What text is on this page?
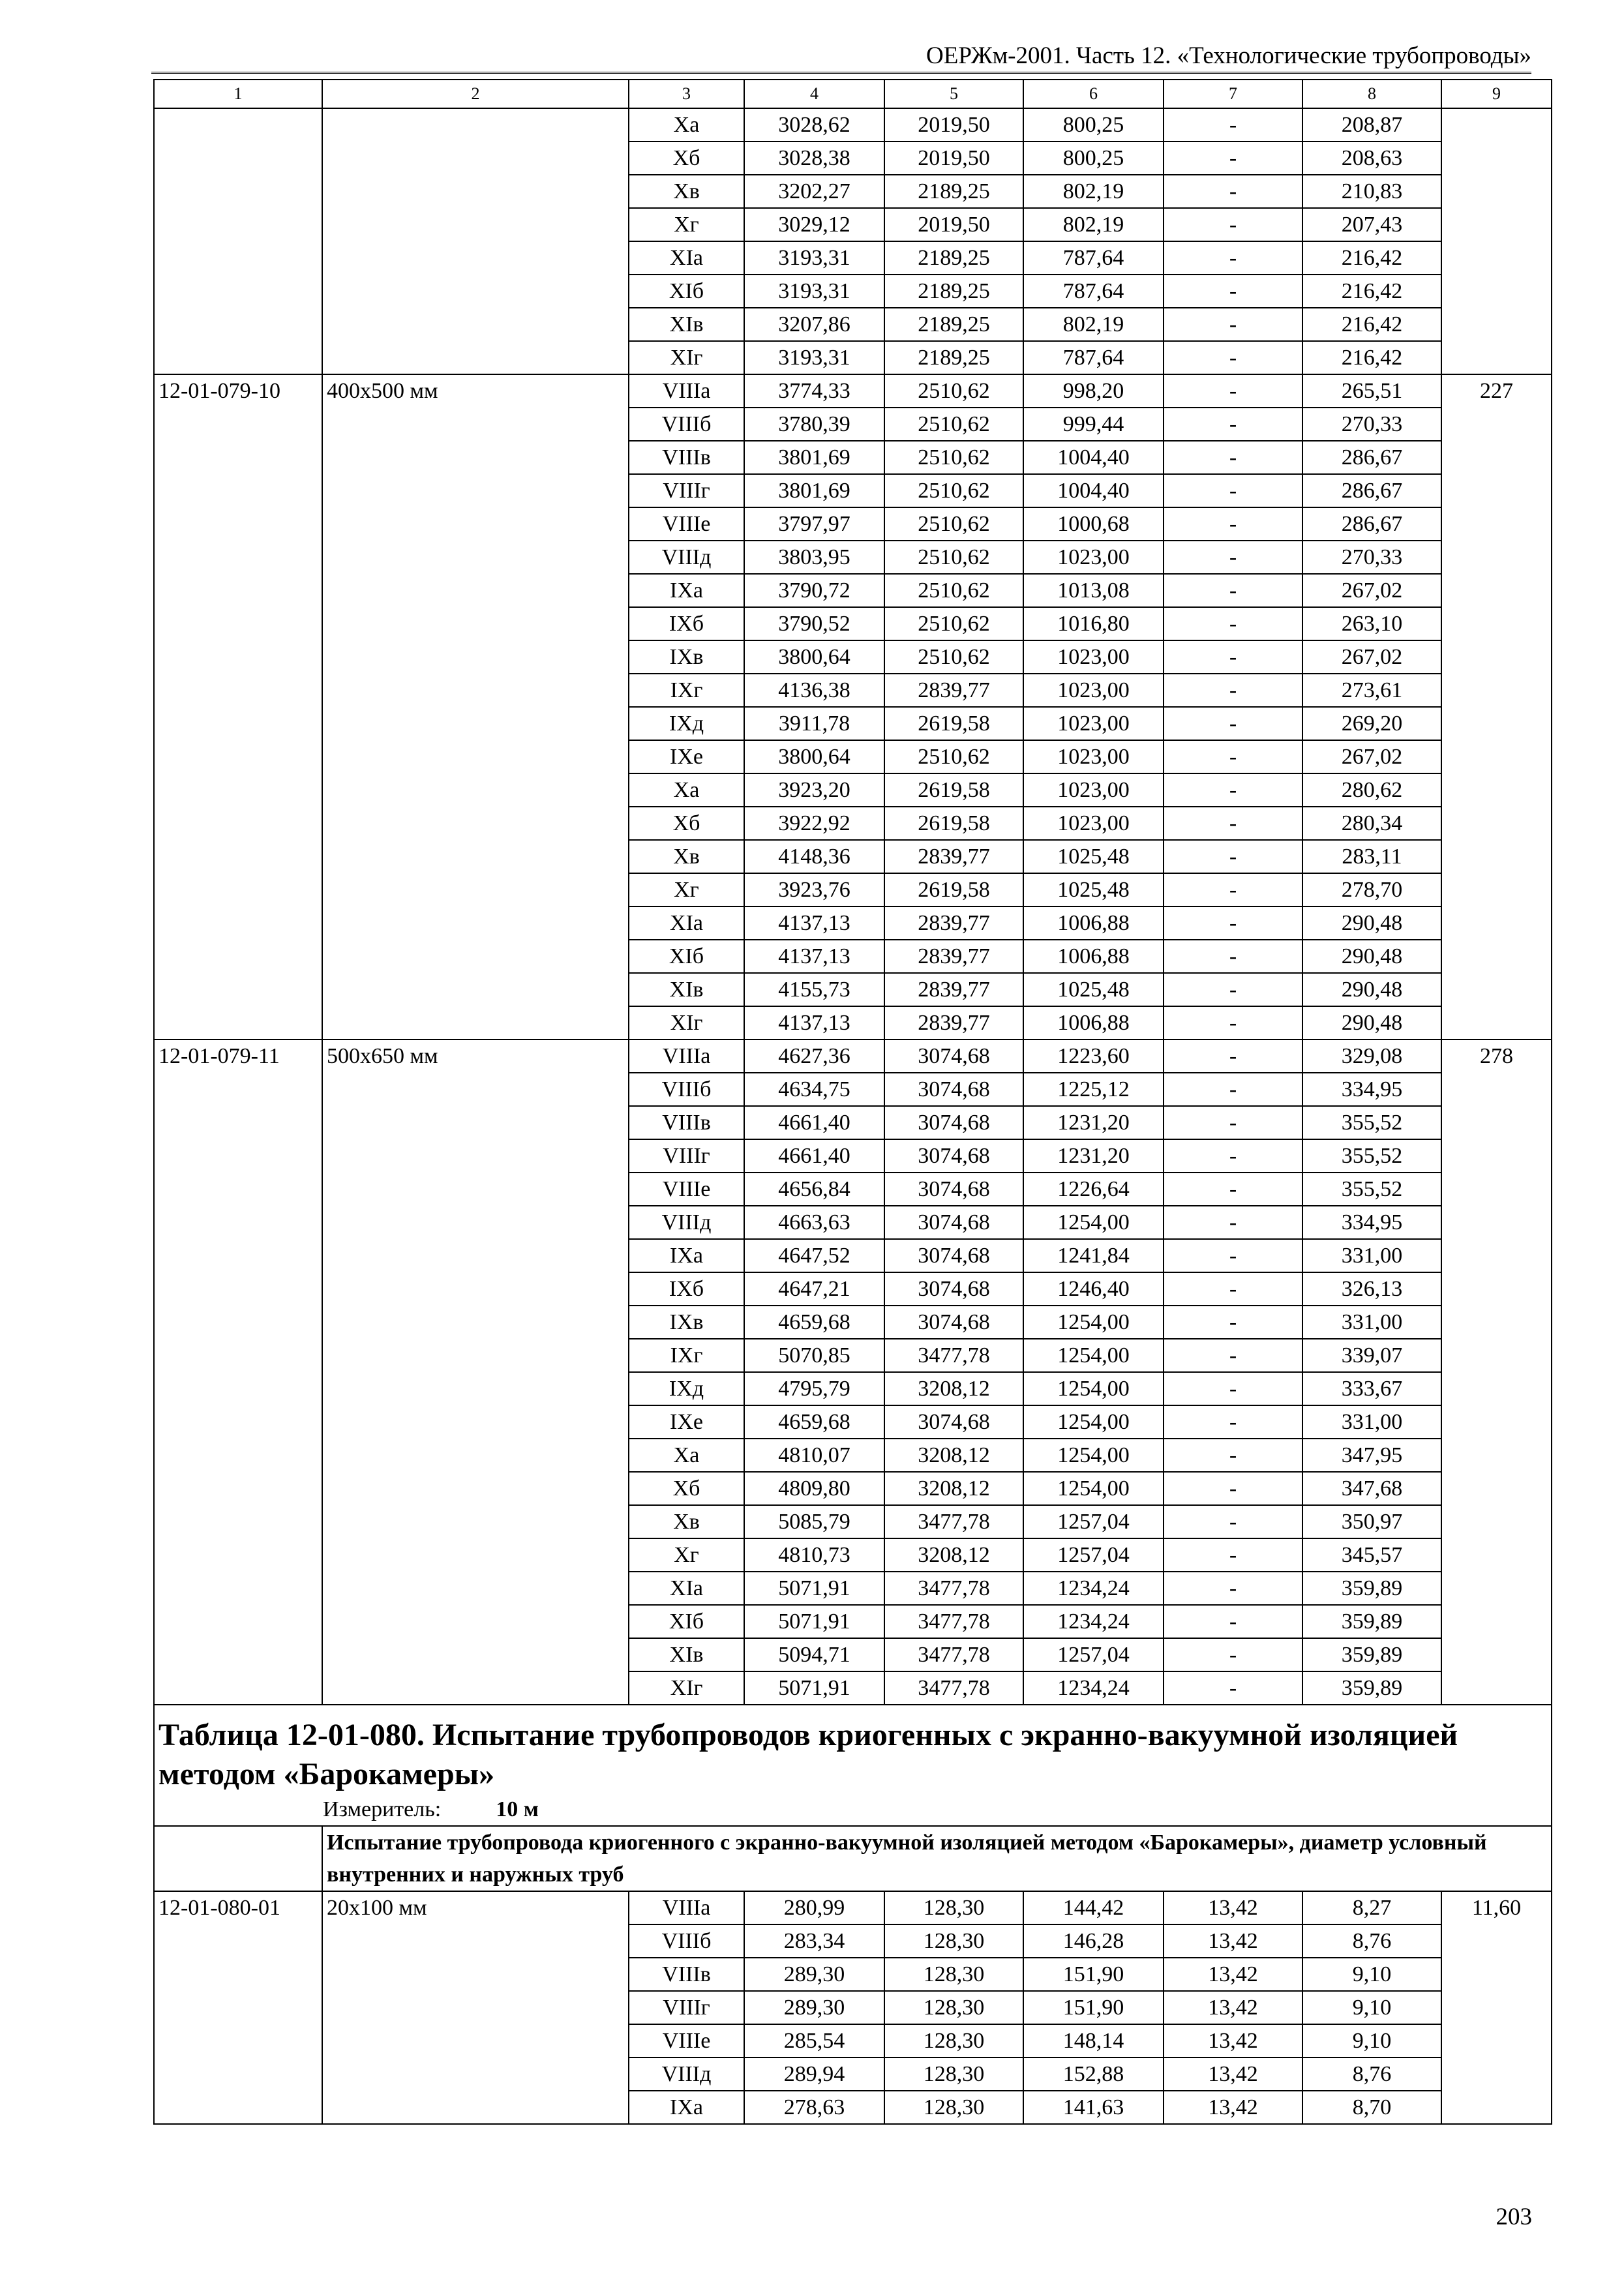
ОЕРЖм-2001. Часть 12. «Технологические трубопроводы»
1	2	3	4	5	6	7	8	9
		Xa	3028,62	2019,50	800,25	-	208,87	
		Xб	3028,38	2019,50	800,25	-	208,63	
		Xв	3202,27	2189,25	802,19	-	210,83	
		Xг	3029,12	2019,50	802,19	-	207,43	
		XIa	3193,31	2189,25	787,64	-	216,42	
		XIб	3193,31	2189,25	787,64	-	216,42	
		XIв	3207,86	2189,25	802,19	-	216,42	
		XIг	3193,31	2189,25	787,64	-	216,42	
12-01-079-10	400х500 мм	VIIIa	3774,33	2510,62	998,20	-	265,51	227
		VIIIб	3780,39	2510,62	999,44	-	270,33	
		VIIIв	3801,69	2510,62	1004,40	-	286,67	
		VIIIг	3801,69	2510,62	1004,40	-	286,67	
		VIIIe	3797,97	2510,62	1000,68	-	286,67	
		VIIIд	3803,95	2510,62	1023,00	-	270,33	
		IXa	3790,72	2510,62	1013,08	-	267,02	
		IXб	3790,52	2510,62	1016,80	-	263,10	
		IXв	3800,64	2510,62	1023,00	-	267,02	
		IXг	4136,38	2839,77	1023,00	-	273,61	
		IXд	3911,78	2619,58	1023,00	-	269,20	
		IXe	3800,64	2510,62	1023,00	-	267,02	
		Xa	3923,20	2619,58	1023,00	-	280,62	
		Xб	3922,92	2619,58	1023,00	-	280,34	
		Xв	4148,36	2839,77	1025,48	-	283,11	
		Xг	3923,76	2619,58	1025,48	-	278,70	
		XIa	4137,13	2839,77	1006,88	-	290,48	
		XIб	4137,13	2839,77	1006,88	-	290,48	
		XIв	4155,73	2839,77	1025,48	-	290,48	
		XIг	4137,13	2839,77	1006,88	-	290,48	
12-01-079-11	500х650 мм	VIIIa	4627,36	3074,68	1223,60	-	329,08	278
		VIIIб	4634,75	3074,68	1225,12	-	334,95	
		VIIIв	4661,40	3074,68	1231,20	-	355,52	
		VIIIг	4661,40	3074,68	1231,20	-	355,52	
		VIIIe	4656,84	3074,68	1226,64	-	355,52	
		VIIIд	4663,63	3074,68	1254,00	-	334,95	
		IXa	4647,52	3074,68	1241,84	-	331,00	
		IXб	4647,21	3074,68	1246,40	-	326,13	
		IXв	4659,68	3074,68	1254,00	-	331,00	
		IXг	5070,85	3477,78	1254,00	-	339,07	
		IXд	4795,79	3208,12	1254,00	-	333,67	
		IXe	4659,68	3074,68	1254,00	-	331,00	
		Xa	4810,07	3208,12	1254,00	-	347,95	
		Xб	4809,80	3208,12	1254,00	-	347,68	
		Xв	5085,79	3477,78	1257,04	-	350,97	
		Xг	4810,73	3208,12	1257,04	-	345,57	
		XIa	5071,91	3477,78	1234,24	-	359,89	
		XIб	5071,91	3477,78	1234,24	-	359,89	
		XIв	5094,71	3477,78	1257,04	-	359,89	
		XIг	5071,91	3477,78	1234,24	-	359,89	

Таблица 12-01-080. Испытание трубопроводов криогенных с экранно-вакуумной изоляцией методом «Барокамеры»
Измеритель: 10 м								

	Испытание трубопровода криогенного с экранно-вакуумной изоляцией методом «Барокамеры», диаметр условный внутренних и наружных труб							
12-01-080-01	20х100 мм	VIIIa	280,99	128,30	144,42	13,42	8,27	11,60
		VIIIб	283,34	128,30	146,28	13,42	8,76	
		VIIIв	289,30	128,30	151,90	13,42	9,10	
		VIIIг	289,30	128,30	151,90	13,42	9,10	
		VIIIe	285,54	128,30	148,14	13,42	9,10	
		VIIIд	289,94	128,30	152,88	13,42	8,76	
		IXa	278,63	128,30	141,63	13,42	8,70	
203
